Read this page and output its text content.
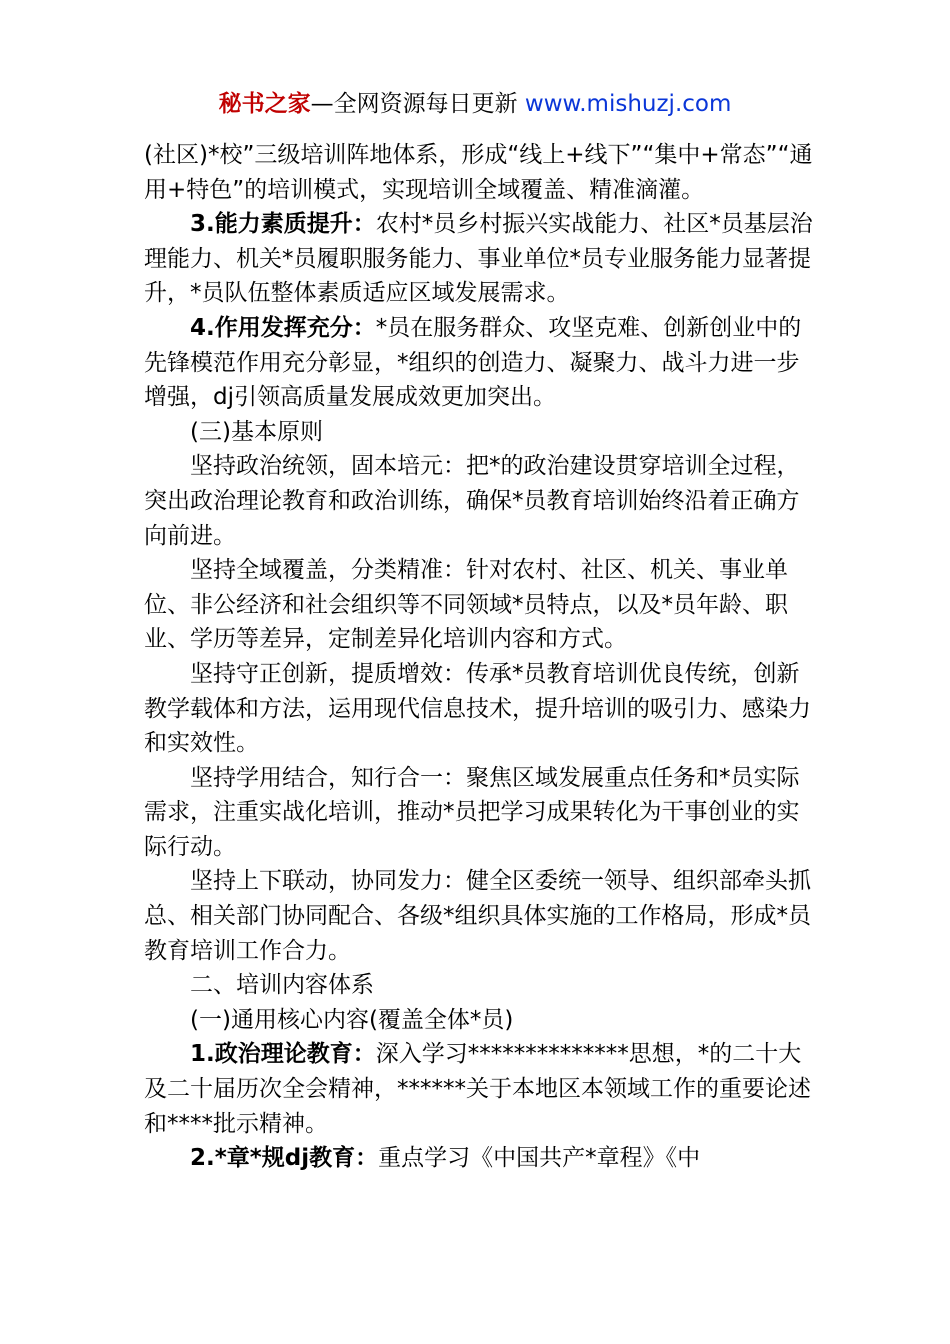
秘书之家—全网资源每日更新 www.mishuzj.com

(社区)*校”三级培训阵地体系，形成“线上+线下”“集中+常态”“通用+特色”的培训模式，实现培训全域覆盖、精准滴灌。

3.能力素质提升：农村*员乡村振兴实战能力、社区*员基层治理能力、机关*员履职服务能力、事业单位*员专业服务能力显著提升，*员队伍整体素质适应区域发展需求。

4.作用发挥充分：*员在服务群众、攻坚克难、创新创业中的先锋模范作用充分彰显，*组织的创造力、凝聚力、战斗力进一步增强，dj引领高质量发展成效更加突出。

(三)基本原则

坚持政治统领，固本培元：把*的政治建设贯穿培训全过程，突出政治理论教育和政治训练，确保*员教育培训始终沿着正确方向前进。

坚持全域覆盖，分类精准：针对农村、社区、机关、事业单位、非公经济和社会组织等不同领域*员特点，以及*员年龄、职业、学历等差异，定制差异化培训内容和方式。

坚持守正创新，提质增效：传承*员教育培训优良传统，创新教学载体和方法，运用现代信息技术，提升培训的吸引力、感染力和实效性。

坚持学用结合，知行合一：聚焦区域发展重点任务和*员实际需求，注重实战化培训，推动*员把学习成果转化为干事创业的实际行动。

坚持上下联动，协同发力：健全区委统一领导、组织部牵头抓总、相关部门协同配合、各级*组织具体实施的工作格局，形成*员教育培训工作合力。

二、培训内容体系

(一)通用核心内容(覆盖全体*员)

1.政治理论教育：深入学习**************思想，*的二十大及二十届历次全会精神，******关于本地区本领域工作的重要论述和****批示精神。

2.*章*规dj教育：重点学习《中国共产*章程》《中
